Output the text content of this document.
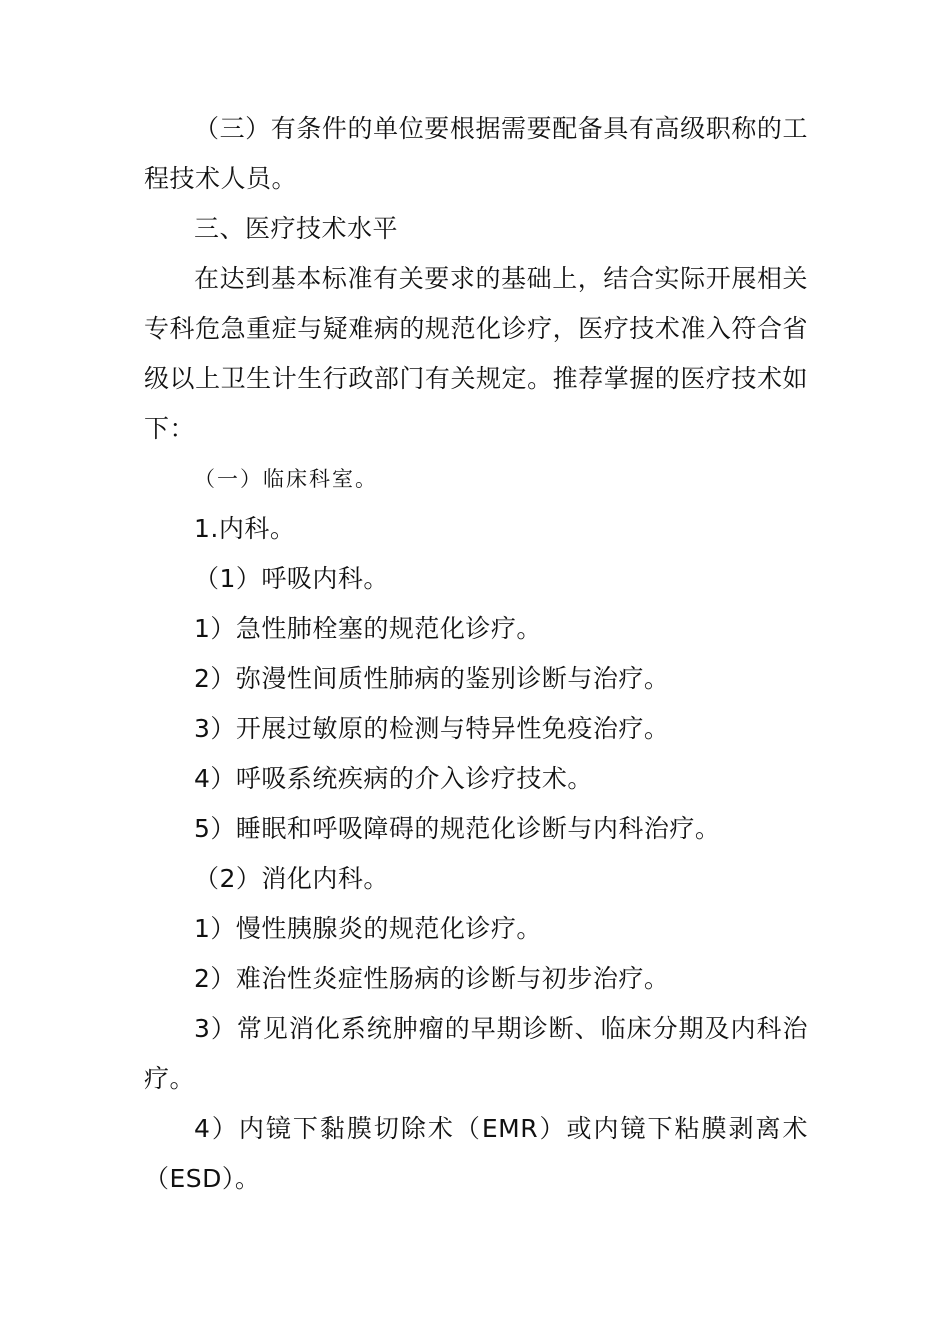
（三）有条件的单位要根据需要配备具有高级职称的工程技术人员。

三、医疗技术水平

在达到基本标准有关要求的基础上，结合实际开展相关专科危急重症与疑难病的规范化诊疗，医疗技术准入符合省级以上卫生计生行政部门有关规定。推荐掌握的医疗技术如下：

（一）临床科室。

1.内科。

（1）呼吸内科。

1）急性肺栓塞的规范化诊疗。

2）弥漫性间质性肺病的鉴别诊断与治疗。

3）开展过敏原的检测与特异性免疫治疗。

4）呼吸系统疾病的介入诊疗技术。

5）睡眠和呼吸障碍的规范化诊断与内科治疗。

（2）消化内科。

1）慢性胰腺炎的规范化诊疗。

2）难治性炎症性肠病的诊断与初步治疗。

3）常见消化系统肿瘤的早期诊断、临床分期及内科治疗。

4）内镜下黏膜切除术（EMR）或内镜下粘膜剥离术（ESD）。
